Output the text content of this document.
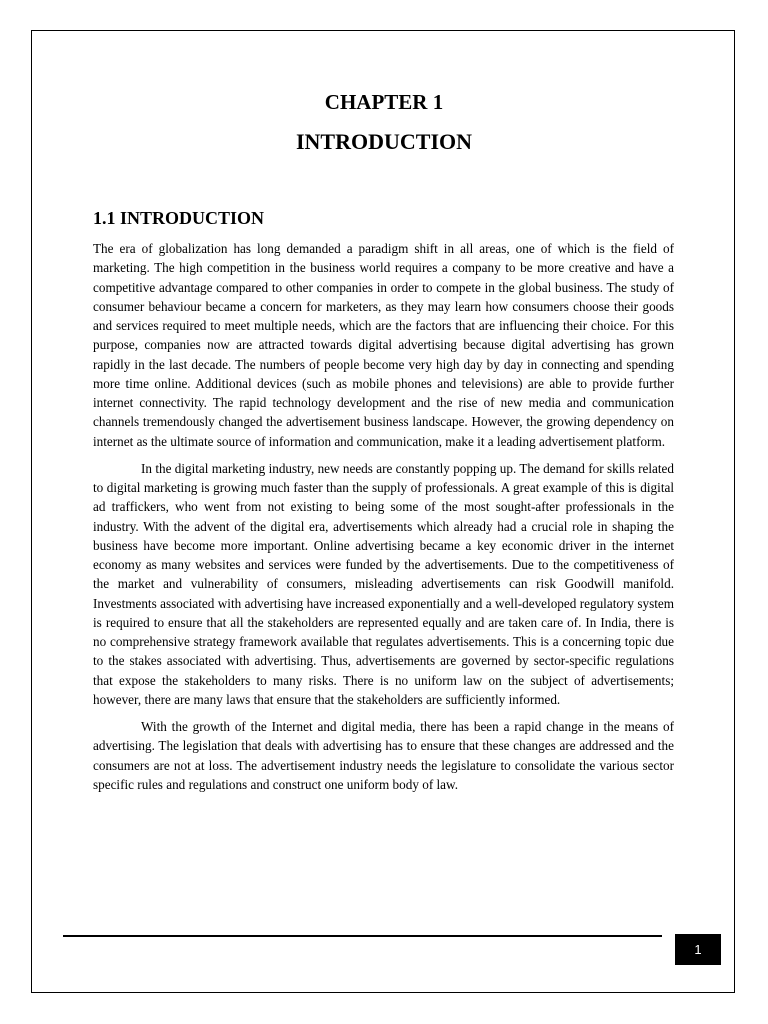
CHAPTER 1
INTRODUCTION
1.1 INTRODUCTION

The era of globalization has long demanded a paradigm shift in all areas, one of which is the field of marketing. The high competition in the business world requires a company to be more creative and have a competitive advantage compared to other companies in order to compete in the global business. The study of consumer behaviour became a concern for marketers, as they may learn how consumers choose their goods and services required to meet multiple needs, which are the factors that are influencing their choice. For this purpose, companies now are attracted towards digital advertising because digital advertising has grown rapidly in the last decade. The numbers of people become very high day by day in connecting and spending more time online. Additional devices (such as mobile phones and televisions) are able to provide further internet connectivity. The rapid technology development and the rise of new media and communication channels tremendously changed the advertisement business landscape. However, the growing dependency on internet as the ultimate source of information and communication, make it a leading advertisement platform.

In the digital marketing industry, new needs are constantly popping up. The demand for skills related to digital marketing is growing much faster than the supply of professionals. A great example of this is digital ad traffickers, who went from not existing to being some of the most sought-after professionals in the industry. With the advent of the digital era, advertisements which already had a crucial role in shaping the business have become more important. Online advertising became a key economic driver in the internet economy as many websites and services were funded by the advertisements. Due to the competitiveness of the market and vulnerability of consumers, misleading advertisements can risk Goodwill manifold. Investments associated with advertising have increased exponentially and a well-developed regulatory system is required to ensure that all the stakeholders are represented equally and are taken care of. In India, there is no comprehensive strategy framework available that regulates advertisements. This is a concerning topic due to the stakes associated with advertising. Thus, advertisements are governed by sector-specific regulations that expose the stakeholders to many risks. There is no uniform law on the subject of advertisements; however, there are many laws that ensure that the stakeholders are sufficiently informed.

With the growth of the Internet and digital media, there has been a rapid change in the means of advertising. The legislation that deals with advertising has to ensure that these changes are addressed and the consumers are not at loss. The advertisement industry needs the legislature to consolidate the various sector specific rules and regulations and construct one uniform body of law.

1
